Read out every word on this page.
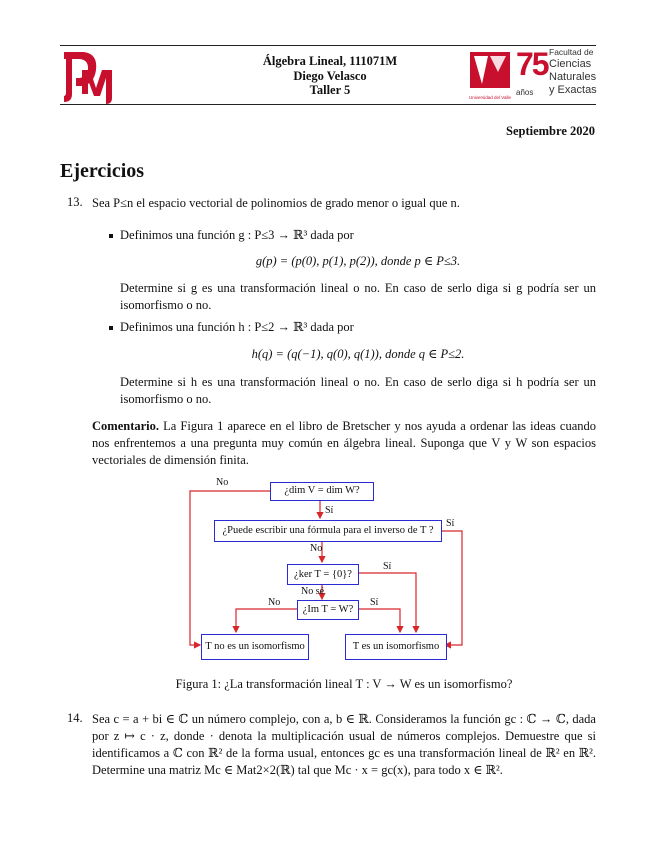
Álgebra Lineal, 111071M
Diego Velasco
Taller 5
Universidad del Valle
75
años
Facultad de
Ciencias
Naturales
y Exactas
Septiembre 2020
Ejercicios
13. Sea P≤n el espacio vectorial de polinomios de grado menor o igual que n.
Definimos una función g : P≤3 → ℝ³ dada por
g(p) = (p(0), p(1), p(2)), donde p ∈ P≤3.
Determine si g es una transformación lineal o no. En caso de serlo diga si g podría ser un isomorfismo o no.
Definimos una función h : P≤2 → ℝ³ dada por
h(q) = (q(−1), q(0), q(1)), donde q ∈ P≤2.
Determine si h es una transformación lineal o no. En caso de serlo diga si h podría ser un isomorfismo o no.
Comentario. La Figura 1 aparece en el libro de Bretscher y nos ayuda a ordenar las ideas cuando nos enfrentemos a una pregunta muy común en álgebra lineal. Suponga que V y W son espacios vectoriales de dimensión finita.
¿dim V = dim W?
¿Puede escribir una fórmula para el inverso de T ?
¿ker T = {0}?
¿Im T = W?
T no es un isomorfismo	T es un isomorfismo
No
Sí
Sí
No
Sí
No sé
No	Sí
Figura 1: ¿La transformación lineal T : V → W es un isomorfismo?
14. Sea c = a + bi ∈ ℂ un número complejo, con a, b ∈ ℝ. Consideramos la función gc : ℂ → ℂ, dada por z ↦ c · z, donde · denota la multiplicación usual de números complejos. Demuestre que si identificamos a ℂ con ℝ² de la forma usual, entonces gc es una transformación lineal de ℝ² en ℝ². Determine una matriz Mc ∈ Mat2×2(ℝ) tal que Mc · x = gc(x), para todo x ∈ ℝ².
